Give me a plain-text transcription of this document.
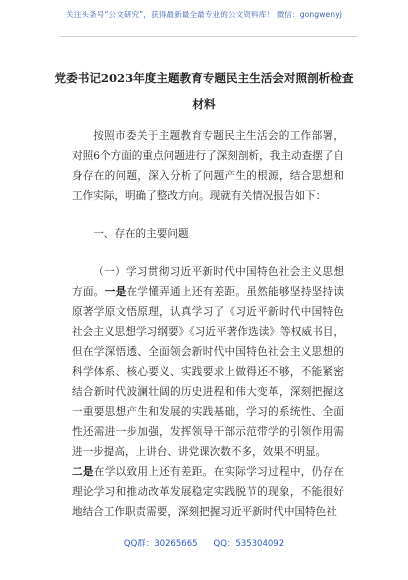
关注头条号“公文研究”，获得最新最全最专业的公文资料库！ 微信：gongwenyj
党委书记2023年度主题教育专题民主生活会对照剖析检查
材料

按照市委关于主题教育专题民主生活会的工作部署，对照6个方面的重点问题进行了深刻剖析，我主动查摆了自身存在的问题，深入分析了问题产生的根源，结合思想和工作实际，明确了整改方向。现就有关情况报告如下：

一、存在的主要问题

（一）学习贯彻习近平新时代中国特色社会主义思想方面。一是在学懂弄通上还有差距。虽然能够坚持坚持读原著学原文悟原理，认真学习了《习近平新时代中国特色社会主义思想学习纲要》《习近平著作选读》等权威书目，但在学深悟透、全面领会新时代中国特色社会主义思想的科学体系、核心要义、实践要求上做得还不够，不能紧密结合新时代波澜壮阔的历史进程和伟大变革，深刻把握这一重要思想产生和发展的实践基础，学习的系统性、全面性还需进一步加强，发挥领导干部示范带学的引领作用需进一步提高，上讲台、讲党课次数不多，效果不明显。

二是在学以致用上还有差距。在实际学习过程中，仍存在理论学习和推动改革发展稳定实践脱节的现象，不能很好地结合工作职责需要，深刻把握习近平新时代中国特色社

QQ群：30265665 QQ：535304092
